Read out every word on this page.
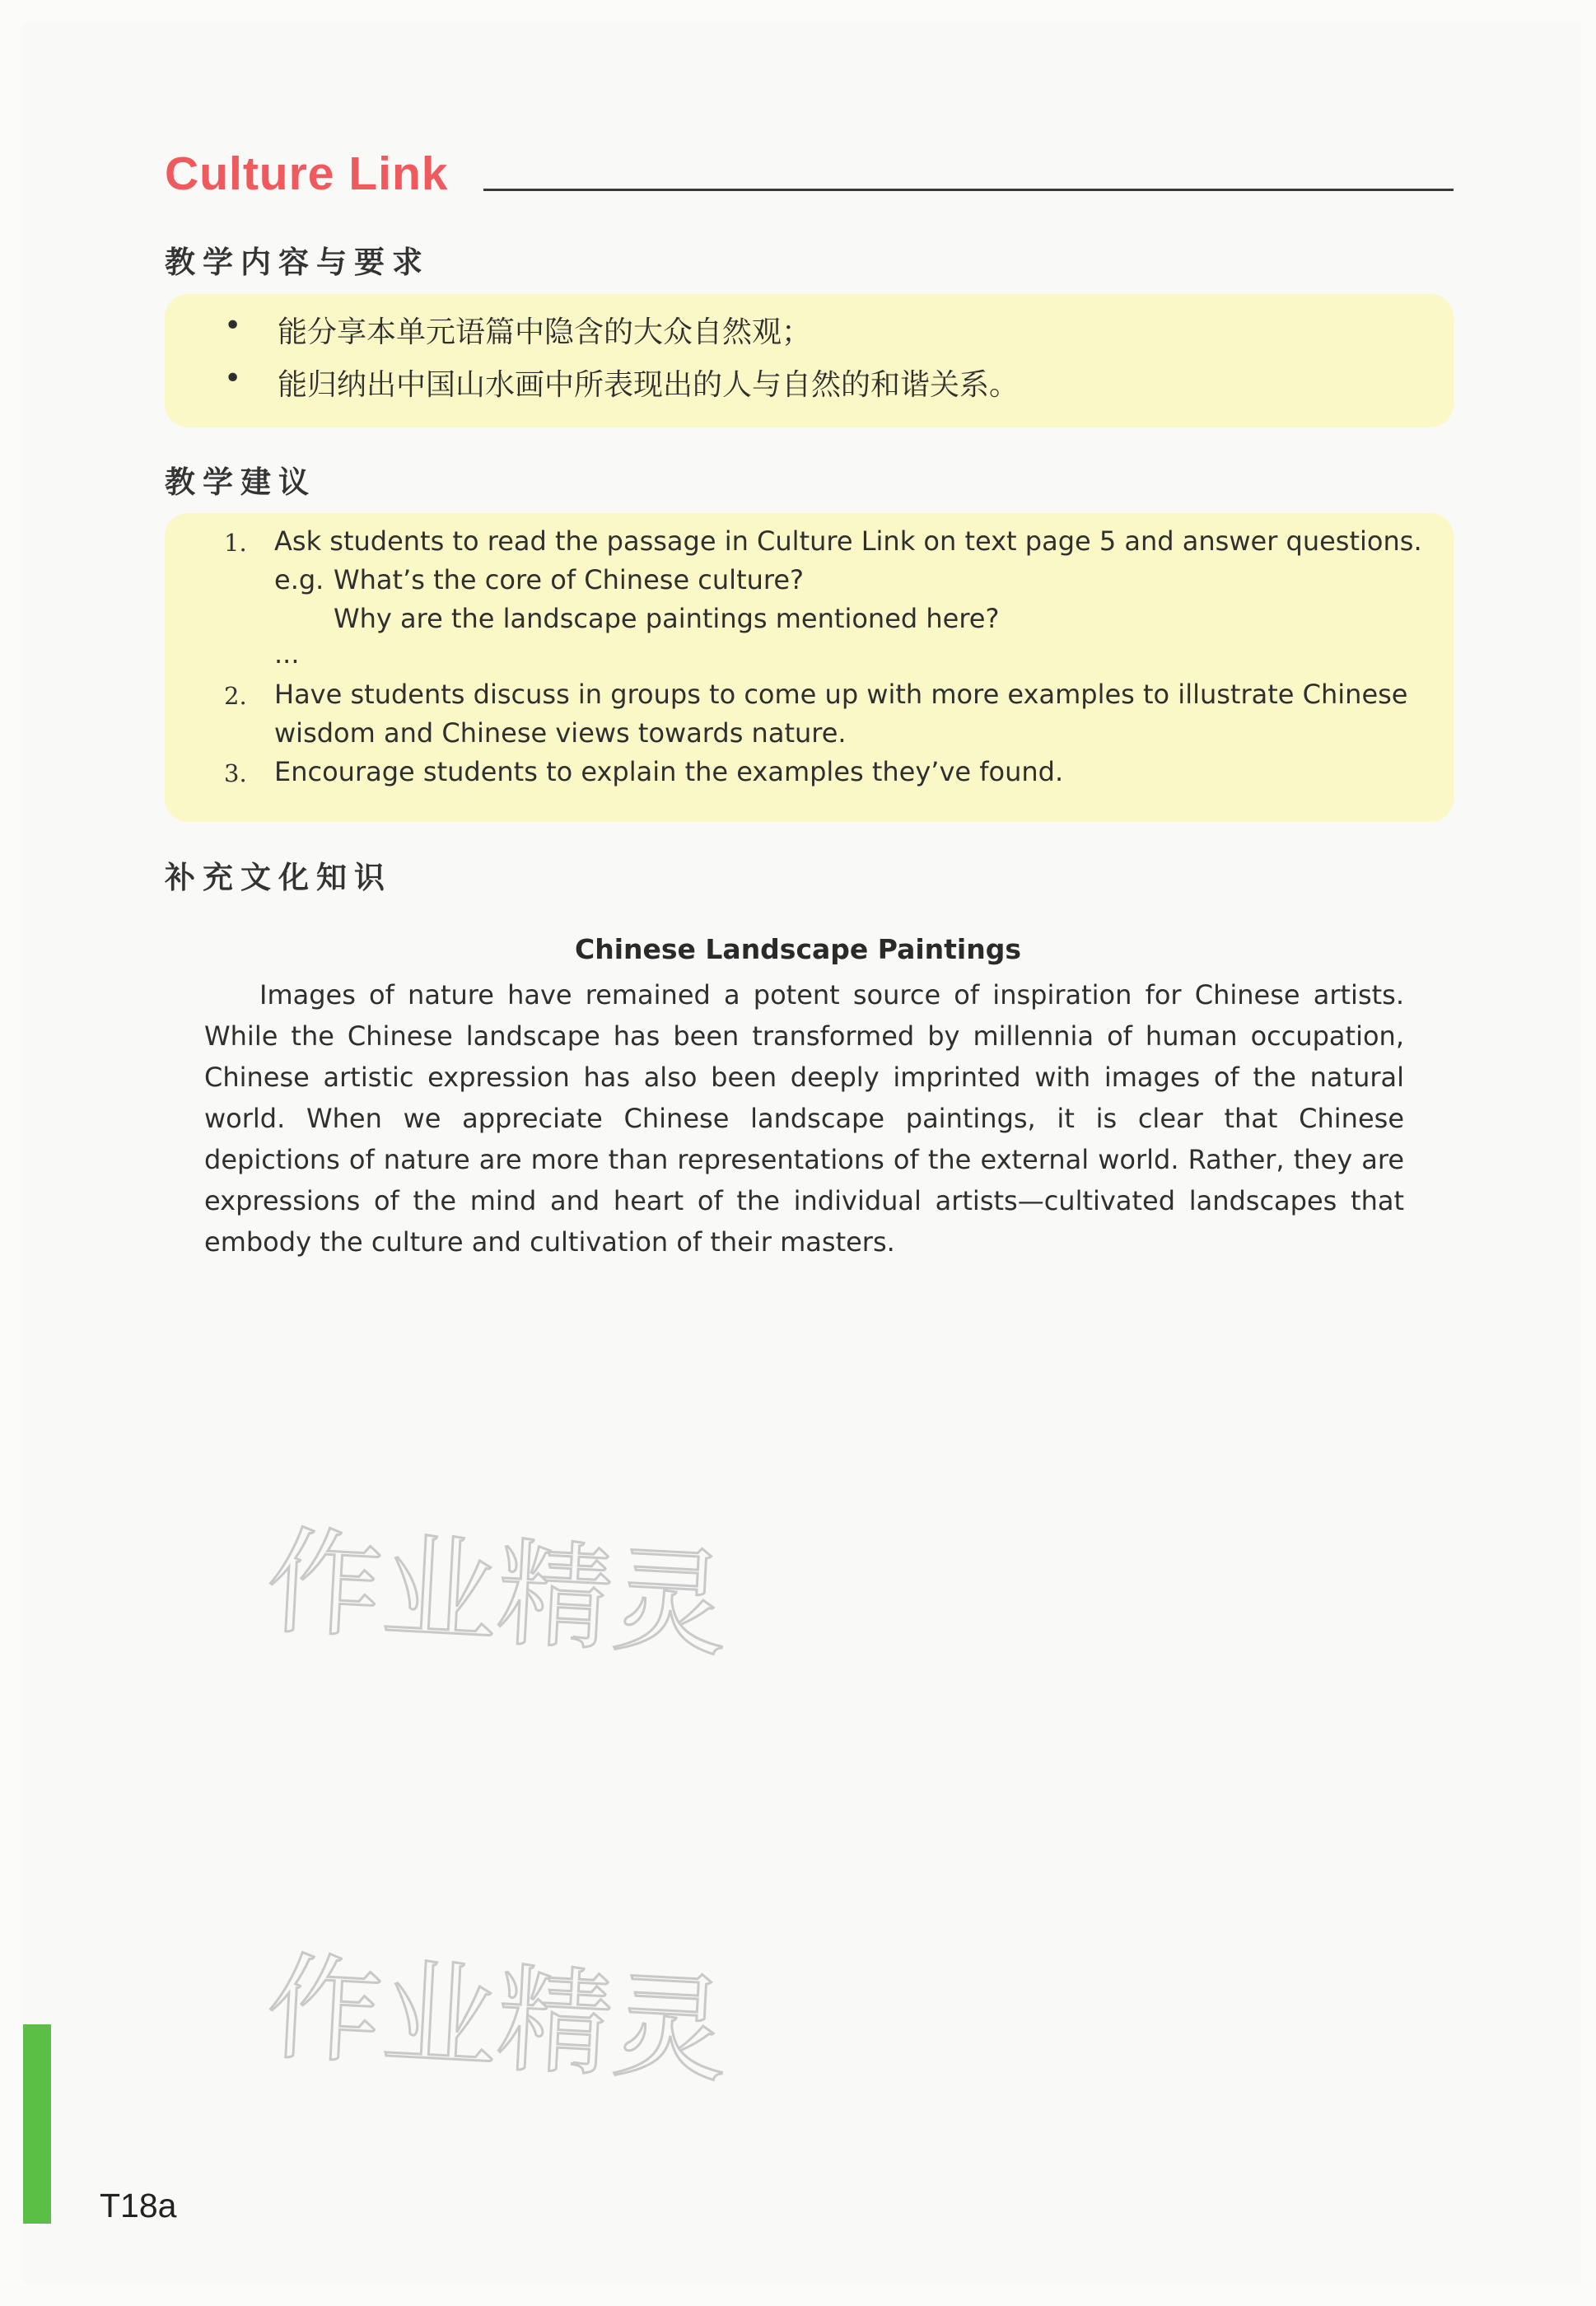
Culture Link
教学内容与要求
• 能分享本单元语篇中隐含的大众自然观；
• 能归纳出中国山水画中所表现出的人与自然的和谐关系。
教学建议
1. Ask students to read the passage in Culture Link on text page 5 and answer questions.
e.g. What’s the core of Chinese culture?
Why are the landscape paintings mentioned here?
...
2. Have students discuss in groups to come up with more examples to illustrate Chinese
wisdom and Chinese views towards nature.
3. Encourage students to explain the examples they’ve found.
补充文化知识
Chinese Landscape Paintings

Images of nature have remained a potent source of inspiration for Chinese artists. While the Chinese landscape has been transformed by millennia of human occupation, Chinese artistic expression has also been deeply imprinted with images of the natural world. When we appreciate Chinese landscape paintings, it is clear that Chinese depictions of nature are more than representations of the external world. Rather, they are expressions of the mind and heart of the individual artists—cultivated landscapes that embody the culture and cultivation of their masters.

作业精灵
作业精灵
T18a
